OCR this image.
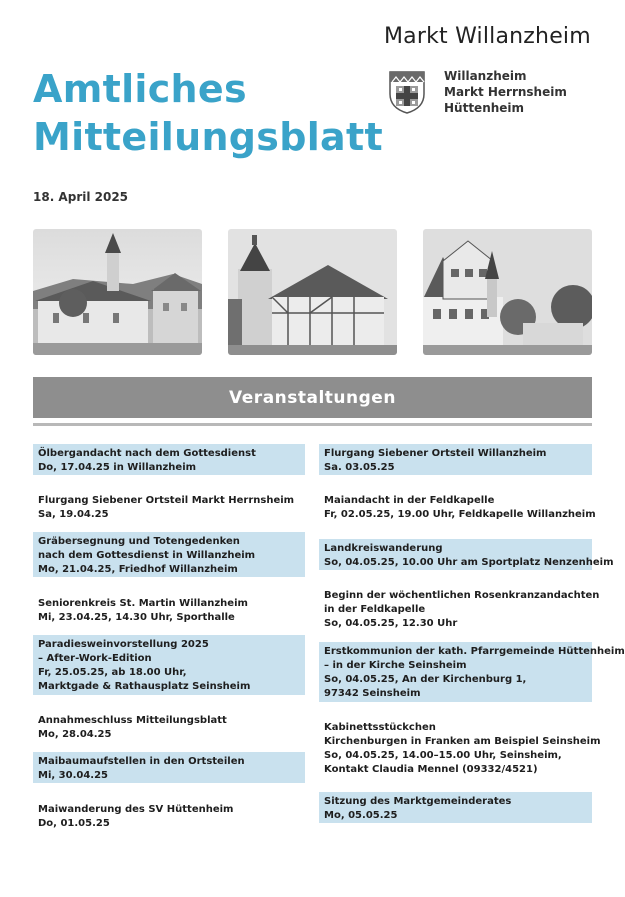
Markt Willanzheim
Willanzheim
Markt Herrnsheim
Hüttenheim
Amtliches
Mitteilungsblatt
18. April 2025
Veranstaltungen
Ölbergandacht nach dem Gottesdienst
Do, 17.04.25 in Willanzheim
Flurgang Siebener Ortsteil Markt Herrnsheim
Sa, 19.04.25
Gräbersegnung und Totengedenken
nach dem Gottesdienst in Willanzheim
Mo, 21.04.25, Friedhof Willanzheim
Seniorenkreis St. Martin Willanzheim
Mi, 23.04.25, 14.30 Uhr, Sporthalle
Paradiesweinvorstellung 2025
– After-Work-Edition
Fr, 25.05.25, ab 18.00 Uhr,
Marktgade & Rathausplatz Seinsheim
Annahmeschluss Mitteilungsblatt
Mo, 28.04.25
Maibaumaufstellen in den Ortsteilen
Mi, 30.04.25
Maiwanderung des SV Hüttenheim
Do, 01.05.25
Flurgang Siebener Ortsteil Willanzheim
Sa. 03.05.25
Maiandacht in der Feldkapelle
Fr, 02.05.25, 19.00 Uhr, Feldkapelle Willanzheim
Landkreiswanderung
So, 04.05.25, 10.00 Uhr am Sportplatz Nenzenheim
Beginn der wöchentlichen Rosenkranzandachten
in der Feldkapelle
So, 04.05.25, 12.30 Uhr
Erstkommunion der kath. Pfarrgemeinde Hüttenheim
– in der Kirche Seinsheim
So, 04.05.25, An der Kirchenburg 1,
97342 Seinsheim
Kabinettsstückchen
Kirchenburgen in Franken am Beispiel Seinsheim
So, 04.05.25, 14.00–15.00 Uhr, Seinsheim,
Kontakt Claudia Mennel (09332/4521)
Sitzung des Marktgemeinderates
Mo, 05.05.25
